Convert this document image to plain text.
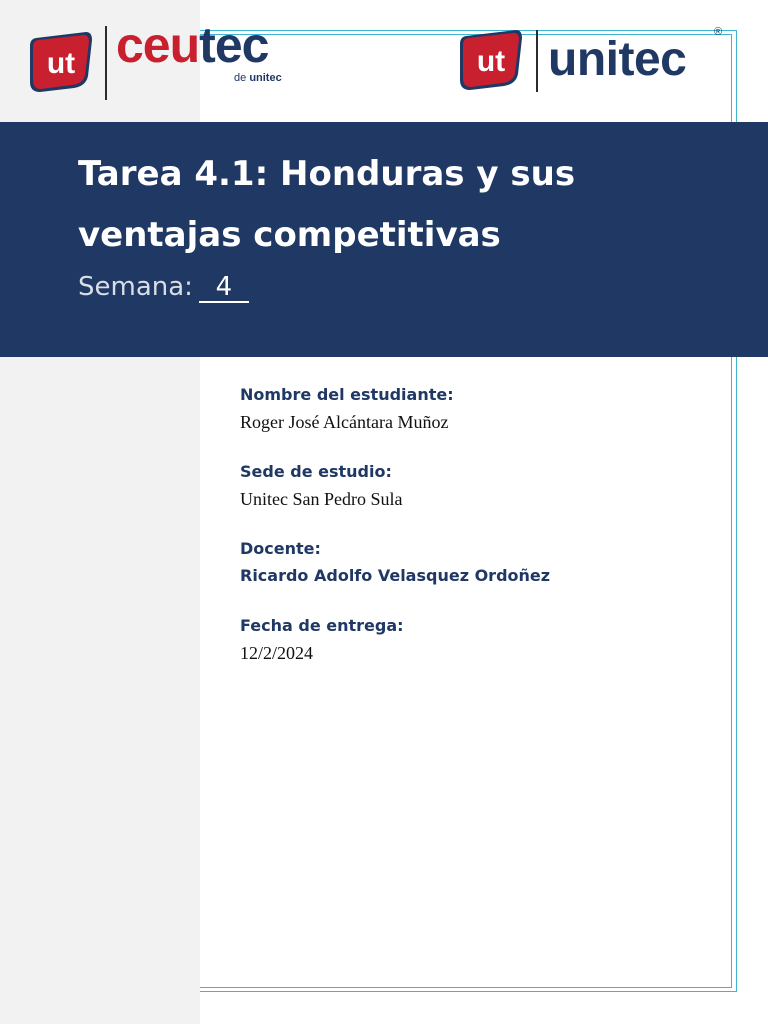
ut ceutec
de unitec	ut unitec
®
Tarea 4.1: Honduras y sus ventajas competitivas
Semana: 4
Nombre del estudiante:
Roger José Alcántara Muñoz
Sede de estudio:
Unitec San Pedro Sula
Docente:
Ricardo Adolfo Velasquez Ordoñez
Fecha de entrega:
12/2/2024
